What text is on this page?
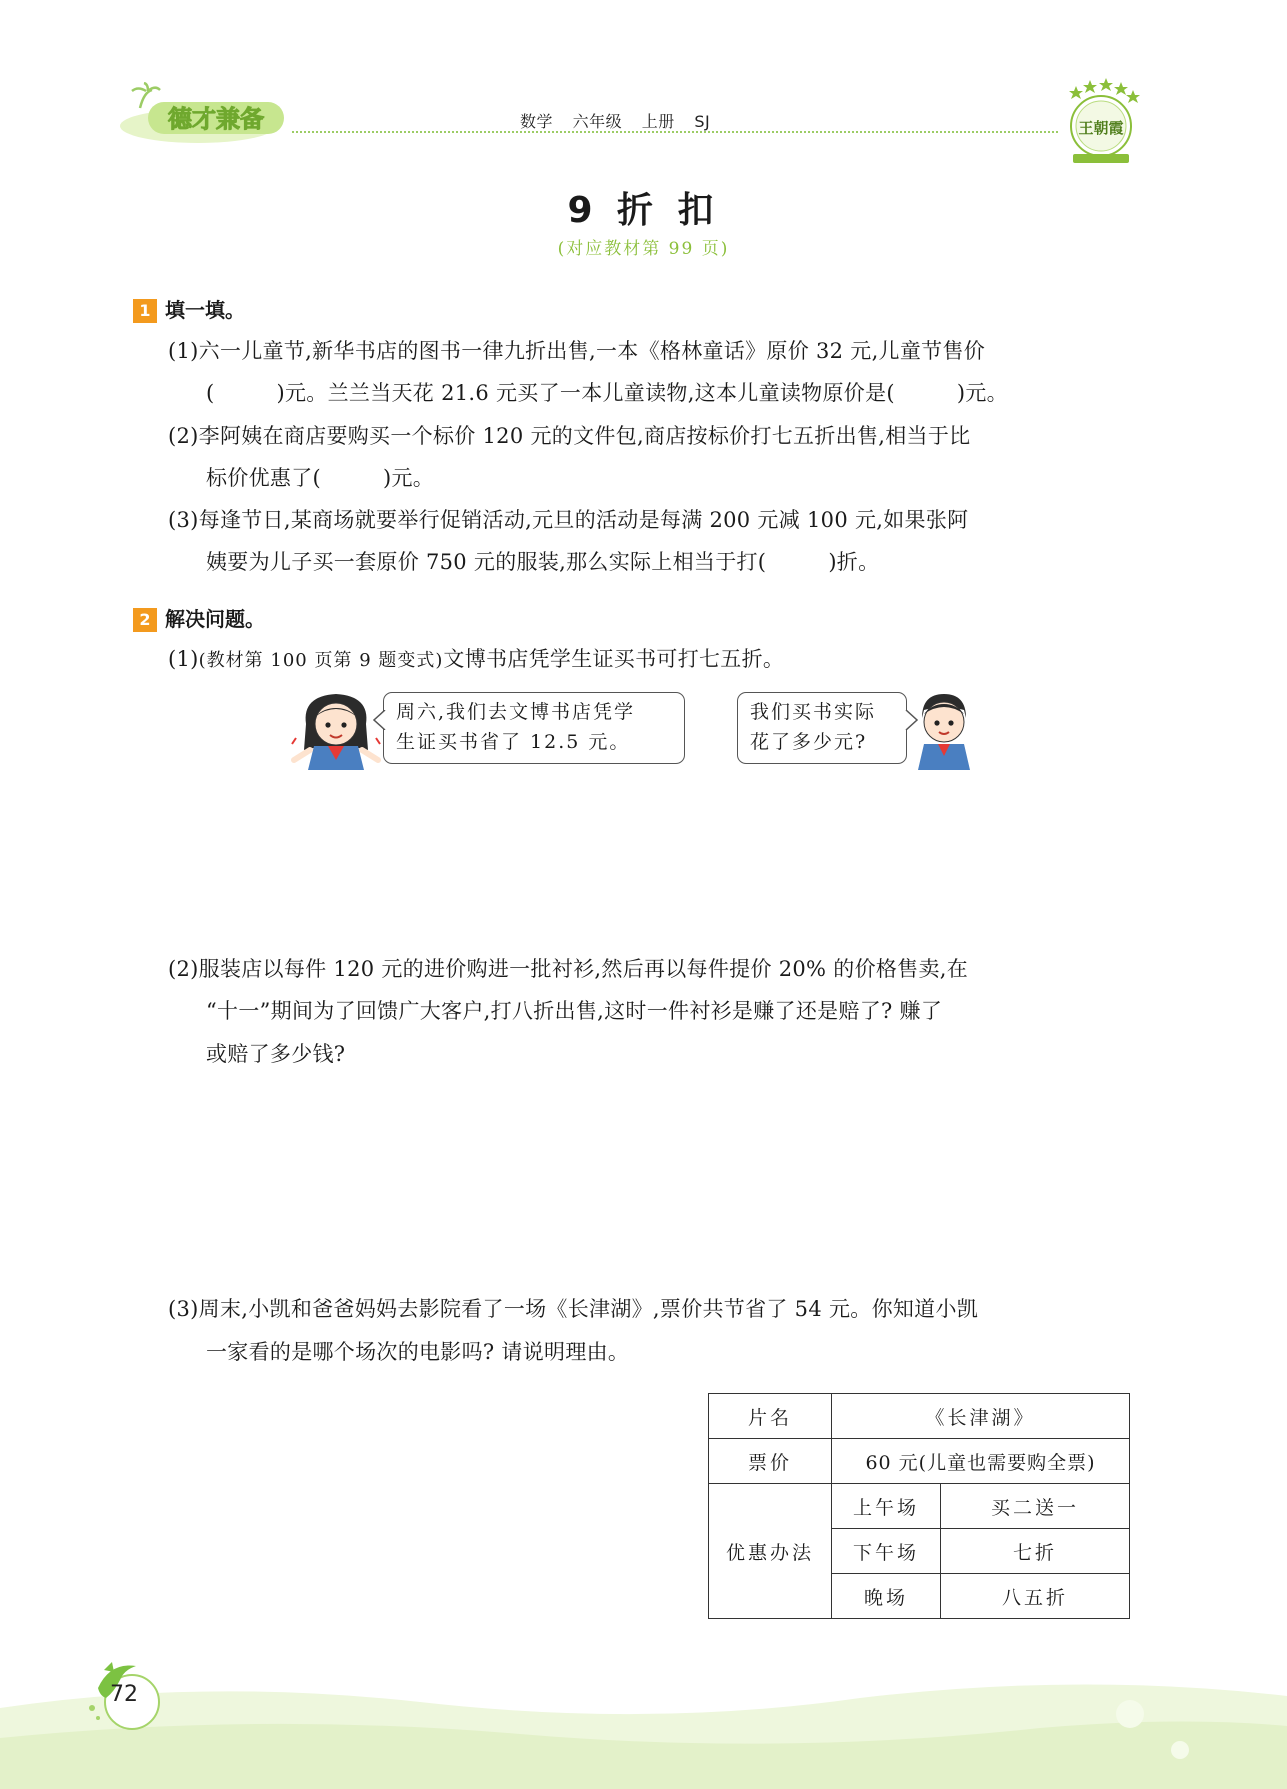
德才兼备	数学 六年级 上册 SJ	王朝霞
9 折 扣
(对应教材第 99 页)
1 填一填。
(1)六一儿童节,新华书店的图书一律九折出售,一本《格林童话》原价 32 元,儿童节售价
(	)元。兰兰当天花 21.6 元买了一本儿童读物,这本儿童读物原价是(	)元。
(2)李阿姨在商店要购买一个标价 120 元的文件包,商店按标价打七五折出售,相当于比
标价优惠了(	)元。
(3)每逢节日,某商场就要举行促销活动,元旦的活动是每满 200 元减 100 元,如果张阿
姨要为儿子买一套原价 750 元的服装,那么实际上相当于打(	)折。
2 解决问题。
(1)(教材第 100 页第 9 题变式)文博书店凭学生证买书可打七五折。
周六,我们去文博书店凭学
生证买书省了 12.5 元。
我们买书实际
花了多少元?
(2)服装店以每件 120 元的进价购进一批衬衫,然后再以每件提价 20% 的价格售卖,在
“十一”期间为了回馈广大客户,打八折出售,这时一件衬衫是赚了还是赔了? 赚了
或赔了多少钱?
(3)周末,小凯和爸爸妈妈去影院看了一场《长津湖》,票价共节省了 54 元。你知道小凯
一家看的是哪个场次的电影吗? 请说明理由。
片名	《长津湖》	
票价	60 元(儿童也需要购全票)	
优惠办法	上午场	买二送一
	下午场	七折
	晚场	八五折
72
